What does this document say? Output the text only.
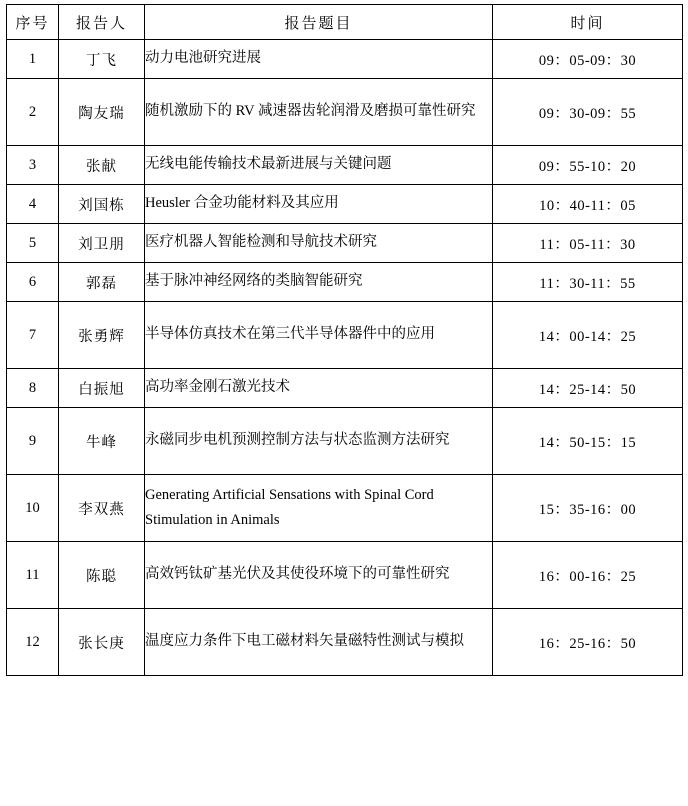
序号	报告人	报告题目	时间
1	丁飞	动力电池研究进展	09：05-09：30
2	陶友瑞	随机激励下的 RV 减速器齿轮润滑及磨损可靠性研究	09：30-09：55
3	张献	无线电能传输技术最新进展与关键问题	09：55-10：20
4	刘国栋	Heusler 合金功能材料及其应用	10：40-11：05
5	刘卫朋	医疗机器人智能检测和导航技术研究	11：05-11：30
6	郭磊	基于脉冲神经网络的类脑智能研究	11：30-11：55
7	张勇辉	半导体仿真技术在第三代半导体器件中的应用	14：00-14：25
8	白振旭	高功率金刚石激光技术	14：25-14：50
9	牛峰	永磁同步电机预测控制方法与状态监测方法研究	14：50-15：15
10	李双燕	Generating Artificial Sensations with Spinal Cord Stimulation in Animals	15：35-16：00
11	陈聪	高效钙钛矿基光伏及其使役环境下的可靠性研究	16：00-16：25
12	张长庚	温度应力条件下电工磁材料矢量磁特性测试与模拟	16：25-16：50
